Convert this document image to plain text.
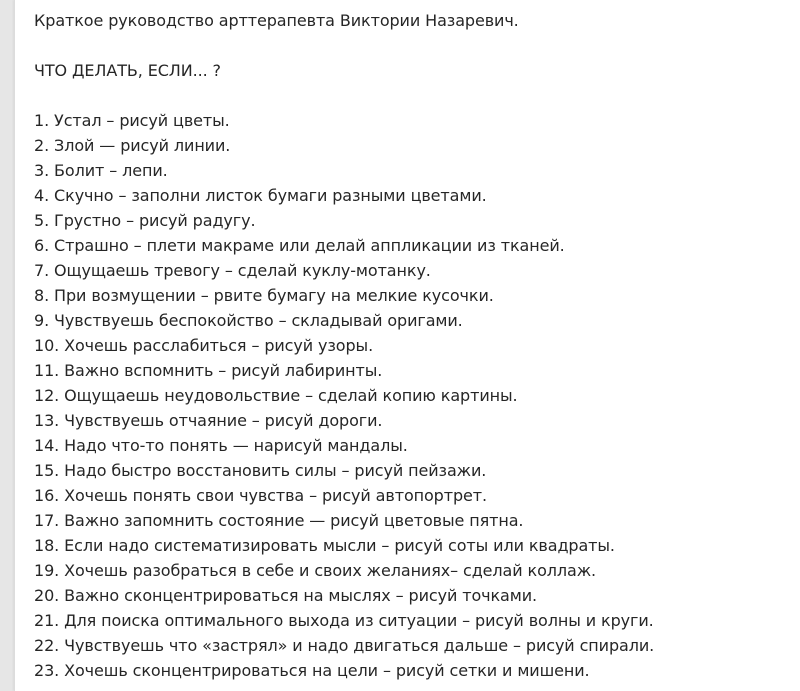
Краткое руководство арттерапевта Виктории Назаревич.
ЧТО ДЕЛАТЬ, ЕСЛИ... ?
1. Устал – рисуй цветы.
2. Злой — рисуй линии.
3. Болит – лепи.
4. Скучно – заполни листок бумаги разными цветами.
5. Грустно – рисуй радугу.
6. Страшно – плети макраме или делай аппликации из тканей.
7. Ощущаешь тревогу – сделай куклу-мотанку.
8. При возмущении – рвите бумагу на мелкие кусочки.
9. Чувствуешь беспокойство – складывай оригами.
10. Хочешь расслабиться – рисуй узоры.
11. Важно вспомнить – рисуй лабиринты.
12. Ощущаешь неудовольствие – сделай копию картины.
13. Чувствуешь отчаяние – рисуй дороги.
14. Надо что-то понять — нарисуй мандалы.
15. Надо быстро восстановить силы – рисуй пейзажи.
16. Хочешь понять свои чувства – рисуй автопортрет.
17. Важно запомнить состояние — рисуй цветовые пятна.
18. Если надо систематизировать мысли – рисуй соты или квадраты.
19. Хочешь разобраться в себе и своих желаниях– сделай коллаж.
20. Важно сконцентрироваться на мыслях – рисуй точками.
21. Для поиска оптимального выхода из ситуации – рисуй волны и круги.
22. Чувствуешь что «застрял» и надо двигаться дальше – рисуй спирали.
23. Хочешь сконцентрироваться на цели – рисуй сетки и мишени.
